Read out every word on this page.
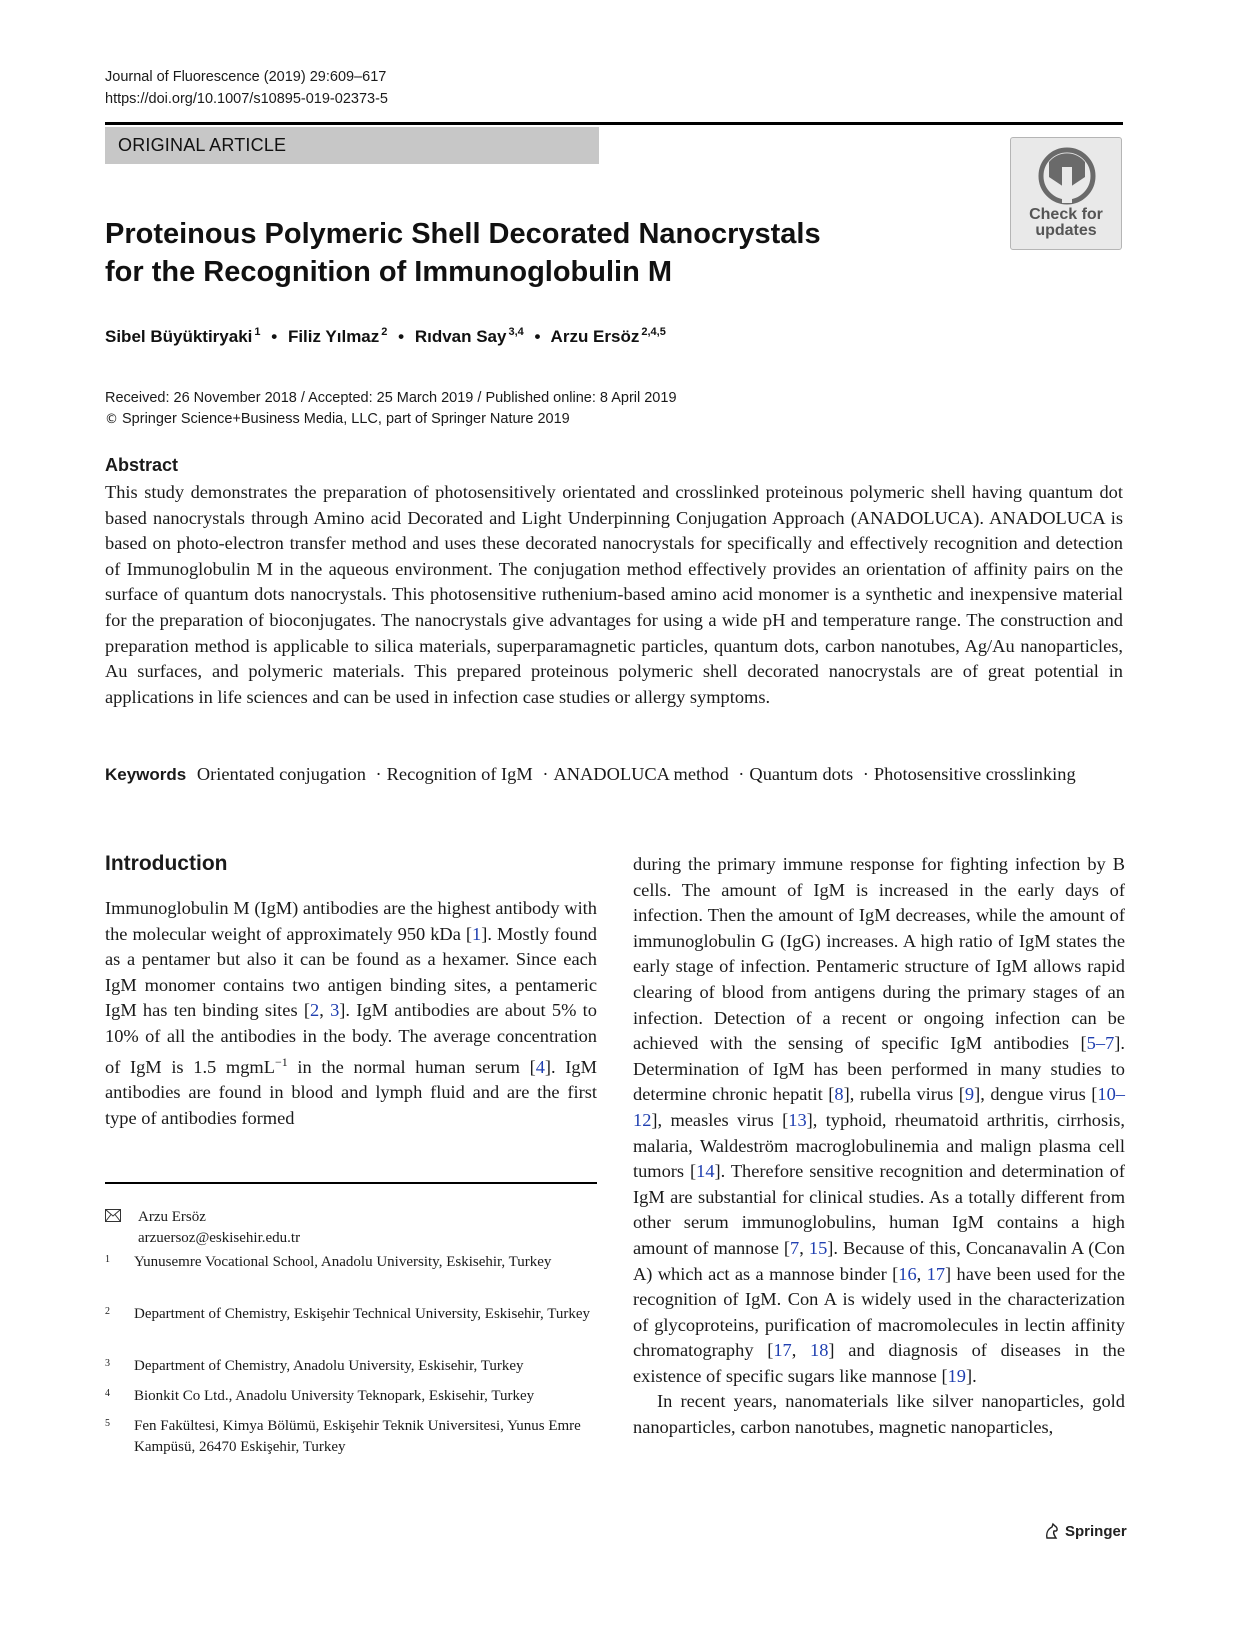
Journal of Fluorescence (2019) 29:609–617
https://doi.org/10.1007/s10895-019-02373-5
ORIGINAL ARTICLE
Check for updates
Proteinous Polymeric Shell Decorated Nanocrystals
for the Recognition of Immunoglobulin M
Sibel Büyüktiryaki $^1$ • Filiz Yılmaz $^2$ • Rıdvan Say $^{3,4}$ • Arzu Ersöz $^{2,4,5}$
Received: 26 November 2018 / Accepted: 25 March 2019 / Published online: 8 April 2019
© Springer Science+Business Media, LLC, part of Springer Nature 2019
Abstract
This study demonstrates the preparation of photosensitively orientated and crosslinked proteinous polymeric shell having quantum dot based nanocrystals through Amino acid Decorated and Light Underpinning Conjugation Approach (ANADOLUCA). ANADOLUCA is based on photo-electron transfer method and uses these decorated nanocrystals for specifically and effectively recognition and detection of Immunoglobulin M in the aqueous environment. The conjugation method effectively provides an orientation of affinity pairs on the surface of quantum dots nanocrystals. This photosensitive ruthenium-based amino acid monomer is a synthetic and inexpensive material for the preparation of bioconjugates. The nanocrystals give advantages for using a wide pH and temperature range. The construction and preparation method is applicable to silica materials, superparamagnetic particles, quantum dots, carbon nanotubes, Ag/Au nanoparticles, Au surfaces, and polymeric materials. This prepared proteinous polymeric shell decorated nanocrystals are of great potential in applications in life sciences and can be used in infection case studies or allergy symptoms.
Keywords Orientated conjugation · Recognition of IgM · ANADOLUCA method · Quantum dots · Photosensitive crosslinking
Introduction

Immunoglobulin M (IgM) antibodies are the highest antibody with the molecular weight of approximately 950 kDa [1]. Mostly found as a pentamer but also it can be found as a hexamer. Since each IgM monomer contains two antigen binding sites, a pentameric IgM has ten binding sites [2, 3]. IgM antibodies are about 5% to 10% of all the antibodies in the body. The average concentration of IgM is 1.5 mgmL$^{-1}$ in the normal human serum [4]. IgM antibodies are found in blood and lymph fluid and are the first type of antibodies formed

during the primary immune response for fighting infection by B cells. The amount of IgM is increased in the early days of infection. Then the amount of IgM decreases, while the amount of immunoglobulin G (IgG) increases. A high ratio of IgM states the early stage of infection. Pentameric structure of IgM allows rapid clearing of blood from antigens during the primary stages of an infection. Detection of a recent or ongoing infection can be achieved with the sensing of specific IgM antibodies [5–7]. Determination of IgM has been performed in many studies to determine chronic hepatit [8], rubella virus [9], dengue virus [10–12], measles virus [13], typhoid, rheumatoid arthritis, cirrhosis, malaria, Waldeström macroglobulinemia and malign plasma cell tumors [14]. Therefore sensitive recognition and determination of IgM are substantial for clinical studies. As a totally different from other serum immunoglobulins, human IgM contains a high amount of mannose [7, 15]. Because of this, Concanavalin A (Con A) which act as a mannose binder [16, 17] have been used for the recognition of IgM. Con A is widely used in the characterization of glycoproteins, purification of macromolecules in lectin affinity chromatography [17, 18] and diagnosis of diseases in the existence of specific sugars like mannose [19].

In recent years, nanomaterials like silver nanoparticles, gold nanoparticles, carbon nanotubes, magnetic nanoparticles,

Arzu Ersöz
arzuersoz@eskisehir.edu.tr
1 Yunusemre Vocational School, Anadolu University, Eskisehir, Turkey
2 Department of Chemistry, Eskişehir Technical University, Eskisehir, Turkey
3 Department of Chemistry, Anadolu University, Eskisehir, Turkey
4 Bionkit Co Ltd., Anadolu University Teknopark, Eskisehir, Turkey
5 Fen Fakültesi, Kimya Bölümü, Eskişehir Teknik Universitesi, Yunus Emre Kampüsü, 26470 Eskişehir, Turkey
Springer
